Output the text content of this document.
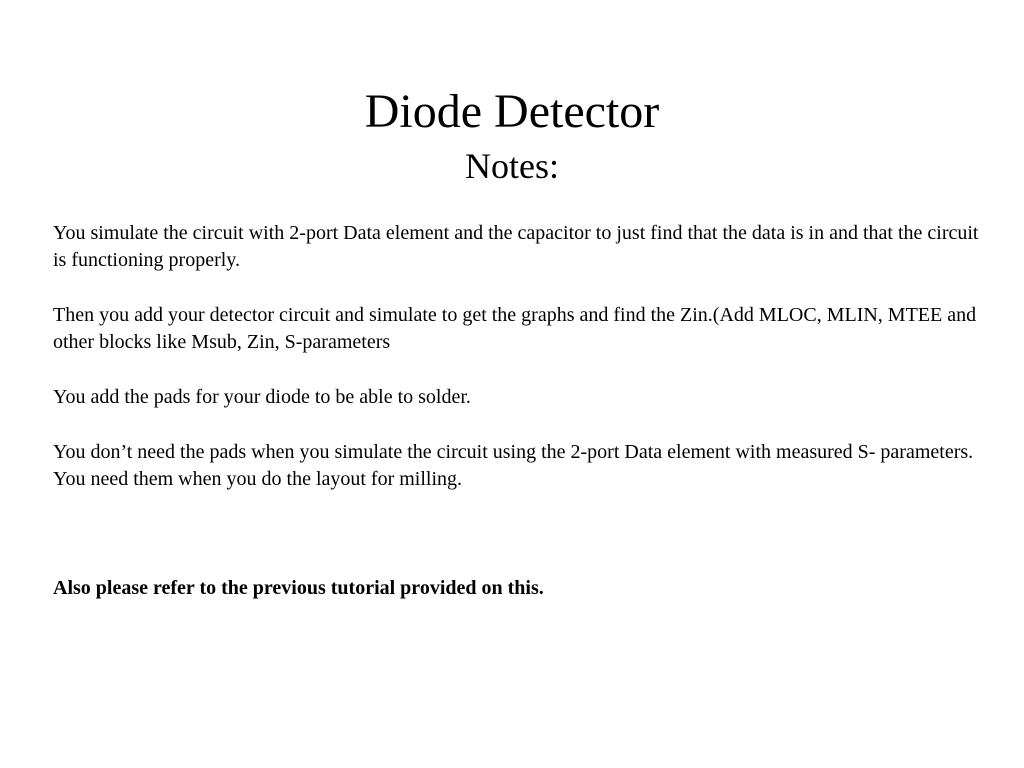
Diode Detector
Notes:

You simulate the circuit with 2-port Data element and the capacitor to just find that the data is in and that the circuit is functioning properly.

Then you add your detector circuit and simulate to get the graphs and find the Zin.(Add MLOC, MLIN, MTEE and other blocks like Msub, Zin, S-parameters

You add the pads for your diode to be able to solder.

You don’t need the pads when you simulate the circuit using the 2-port Data element with measured S- parameters. You need them when you do the layout for milling.

Also please refer to the previous tutorial provided on this.
